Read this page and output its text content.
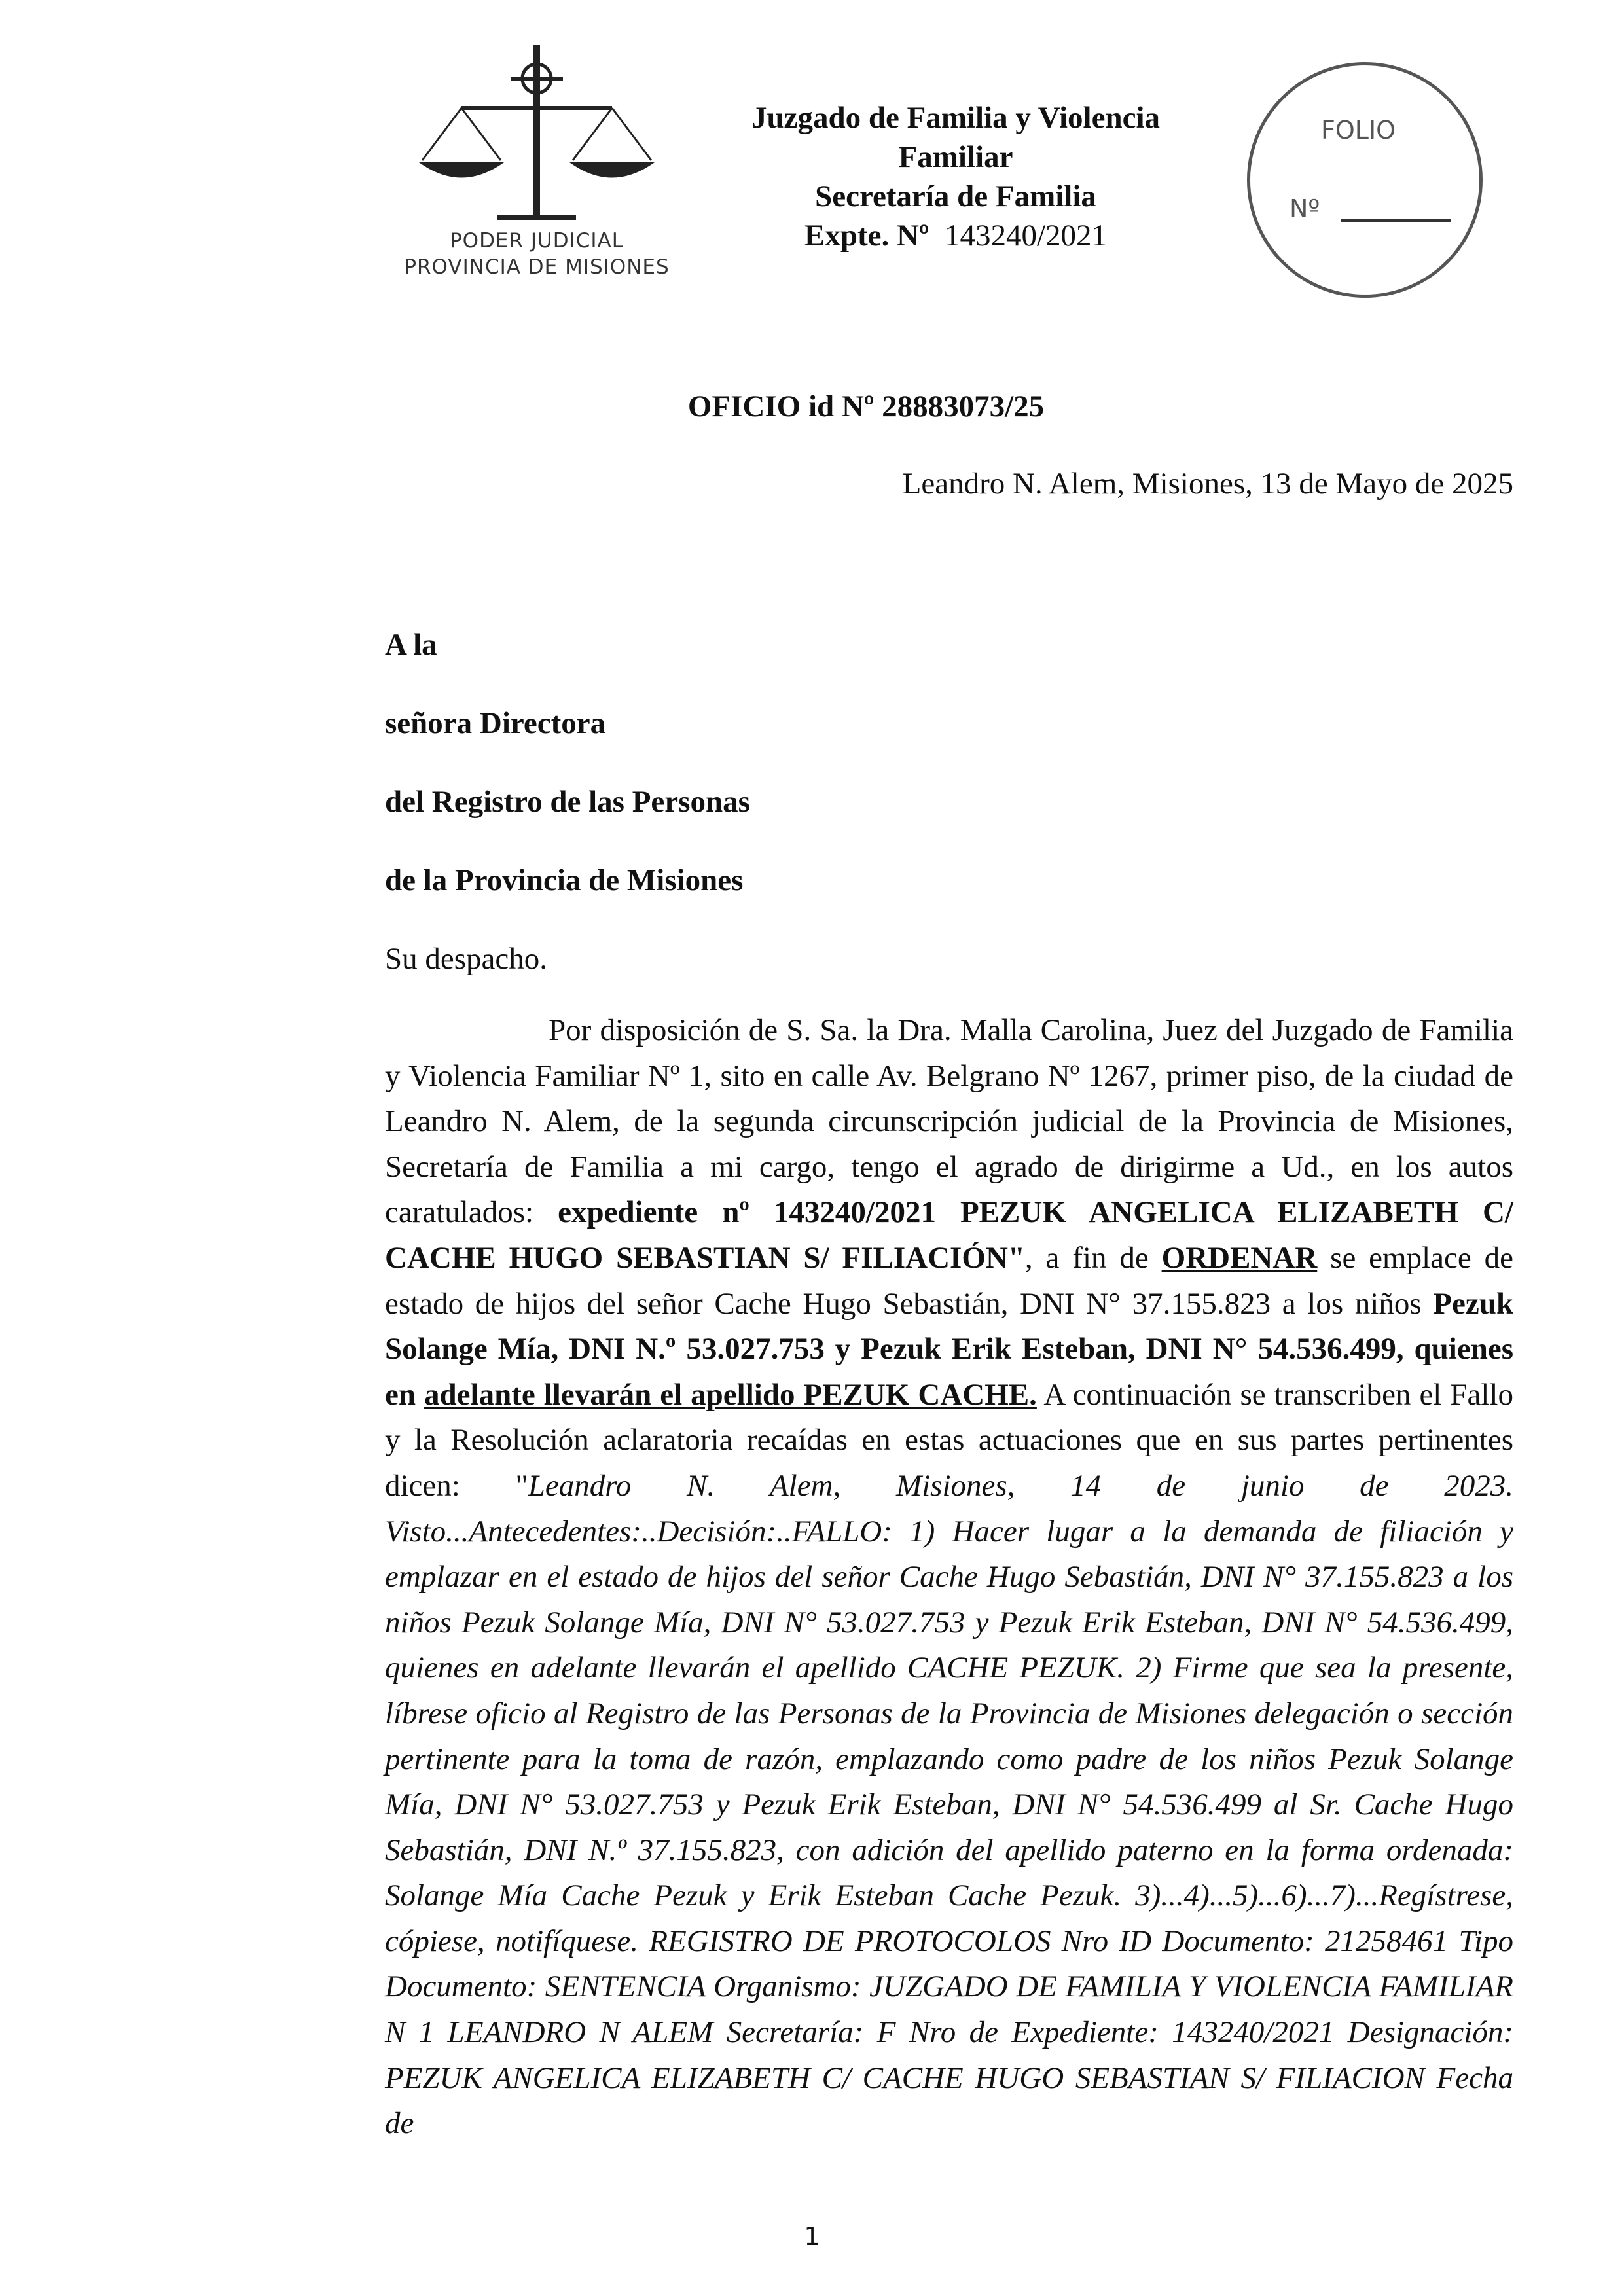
PODER JUDICIAL
PROVINCIA DE MISIONES
Juzgado de Familia y Violencia
Familiar
Secretaría de Familia
Expte. Nº 143240/2021
FOLIO
Nº
OFICIO id Nº 28883073/25
Leandro N. Alem, Misiones, 13 de Mayo de 2025
A la
señora Directora
del Registro de las Personas
de la Provincia de Misiones
Su despacho.

Por disposición de S. Sa. la Dra. Malla Carolina, Juez del Juzgado de Familia y Violencia Familiar Nº 1, sito en calle Av. Belgrano Nº 1267, primer piso, de la ciudad de Leandro N. Alem, de la segunda circunscripción judicial de la Provincia de Misiones, Secretaría de Familia a mi cargo, tengo el agrado de dirigirme a Ud., en los autos caratulados: expediente nº 143240/2021 PEZUK ANGELICA ELIZABETH C/ CACHE HUGO SEBASTIAN S/ FILIACIÓN", a fin de ORDENAR se emplace de estado de hijos del señor Cache Hugo Sebastián, DNI N° 37.155.823 a los niños Pezuk Solange Mía, DNI N.º 53.027.753 y Pezuk Erik Esteban, DNI N° 54.536.499, quienes en adelante llevarán el apellido PEZUK CACHE. A continuación se transcriben el Fallo y la Resolución aclaratoria recaídas en estas actuaciones que en sus partes pertinentes dicen: "Leandro N. Alem, Misiones, 14 de junio de 2023. Visto...Antecedentes:..Decisión:..FALLO: 1) Hacer lugar a la demanda de filiación y emplazar en el estado de hijos del señor Cache Hugo Sebastián, DNI N° 37.155.823 a los niños Pezuk Solange Mía, DNI N° 53.027.753 y Pezuk Erik Esteban, DNI N° 54.536.499, quienes en adelante llevarán el apellido CACHE PEZUK. 2) Firme que sea la presente, líbrese oficio al Registro de las Personas de la Provincia de Misiones delegación o sección pertinente para la toma de razón, emplazando como padre de los niños Pezuk Solange Mía, DNI N° 53.027.753 y Pezuk Erik Esteban, DNI N° 54.536.499 al Sr. Cache Hugo Sebastián, DNI N.º 37.155.823, con adición del apellido paterno en la forma ordenada: Solange Mía Cache Pezuk y Erik Esteban Cache Pezuk. 3)...4)...5)...6)...7)...Regístrese, cópiese, notifíquese. REGISTRO DE PROTOCOLOS Nro ID Documento: 21258461 Tipo Documento: SENTENCIA Organismo: JUZGADO DE FAMILIA Y VIOLENCIA FAMILIAR N 1 LEANDRO N ALEM Secretaría: F Nro de Expediente: 143240/2021 Designación: PEZUK ANGELICA ELIZABETH C/ CACHE HUGO SEBASTIAN S/ FILIACION Fecha de

1
